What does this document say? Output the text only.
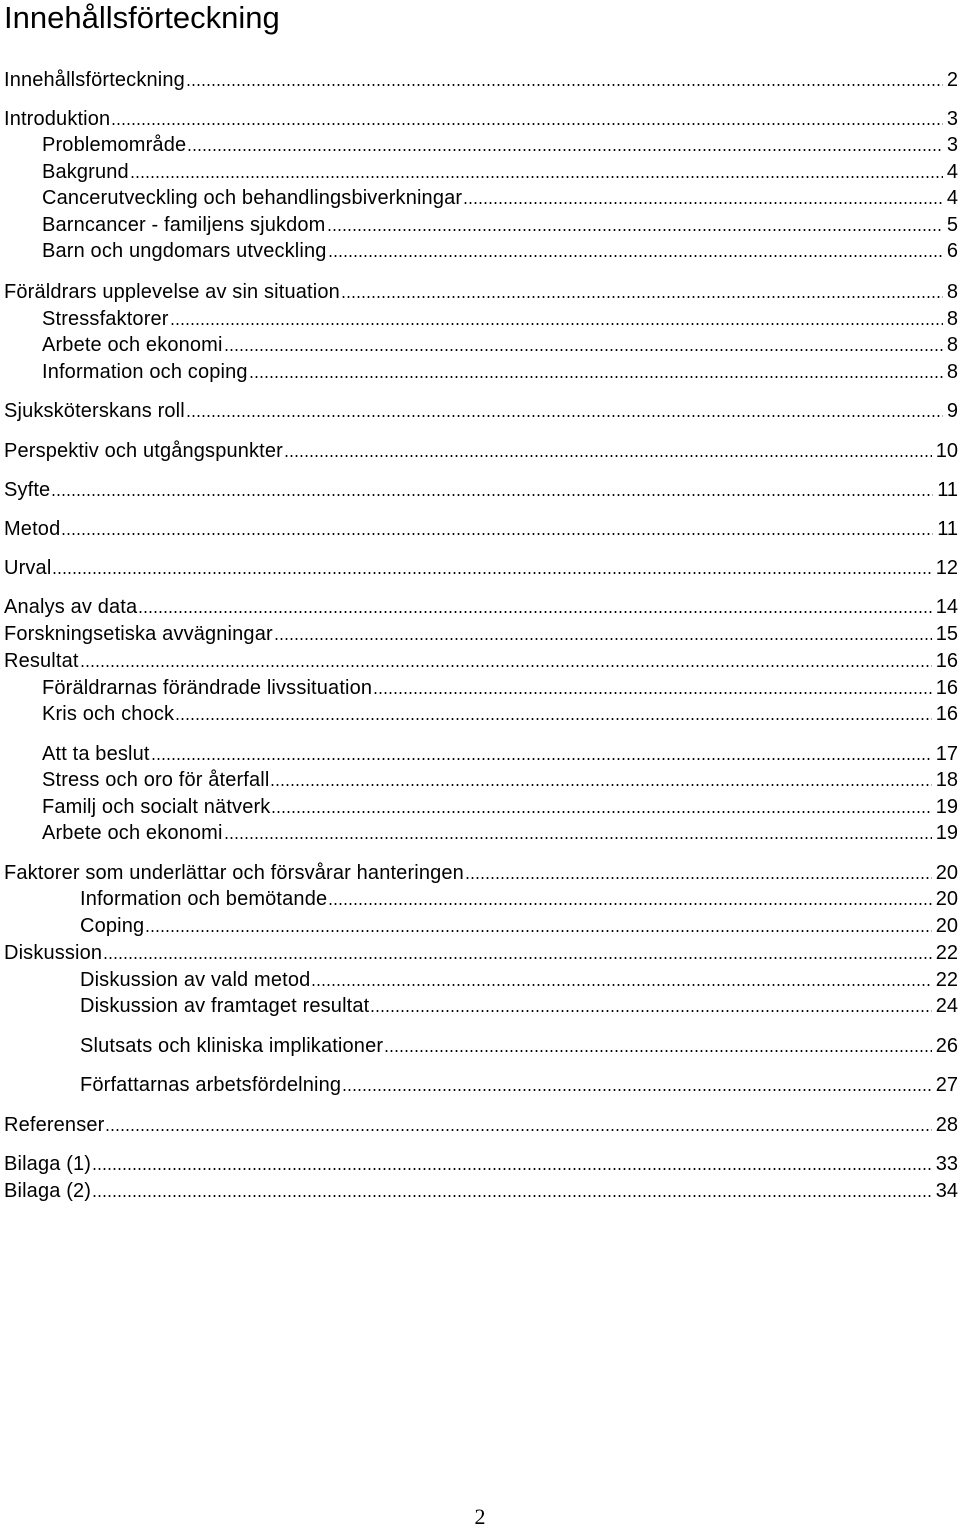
Innehållsförteckning
Innehållsförteckning	2
Introduktion	3
Problemområde	3
Bakgrund	4
Cancerutveckling och behandlingsbiverkningar	4
Barncancer - familjens sjukdom	5
Barn och ungdomars utveckling	6
Föräldrars upplevelse av sin situation	8
Stressfaktorer	8
Arbete och ekonomi	8
Information och coping	8
Sjuksköterskans roll	9
Perspektiv och utgångspunkter	10
Syfte	11
Metod	11
Urval	12
Analys av data	14
Forskningsetiska avvägningar	15
Resultat	16
Föräldrarnas förändrade livssituation	16
Kris och chock	16
Att ta beslut	17
Stress och oro för återfall	18
Familj och socialt nätverk	19
Arbete och ekonomi	19
Faktorer som underlättar och försvårar hanteringen	20
Information och bemötande	20
Coping	20
Diskussion	22
Diskussion av vald metod	22
Diskussion av framtaget resultat	24
Slutsats och kliniska implikationer	26
Författarnas arbetsfördelning	27
Referenser	28
Bilaga (1)	33
Bilaga (2)	34
2
